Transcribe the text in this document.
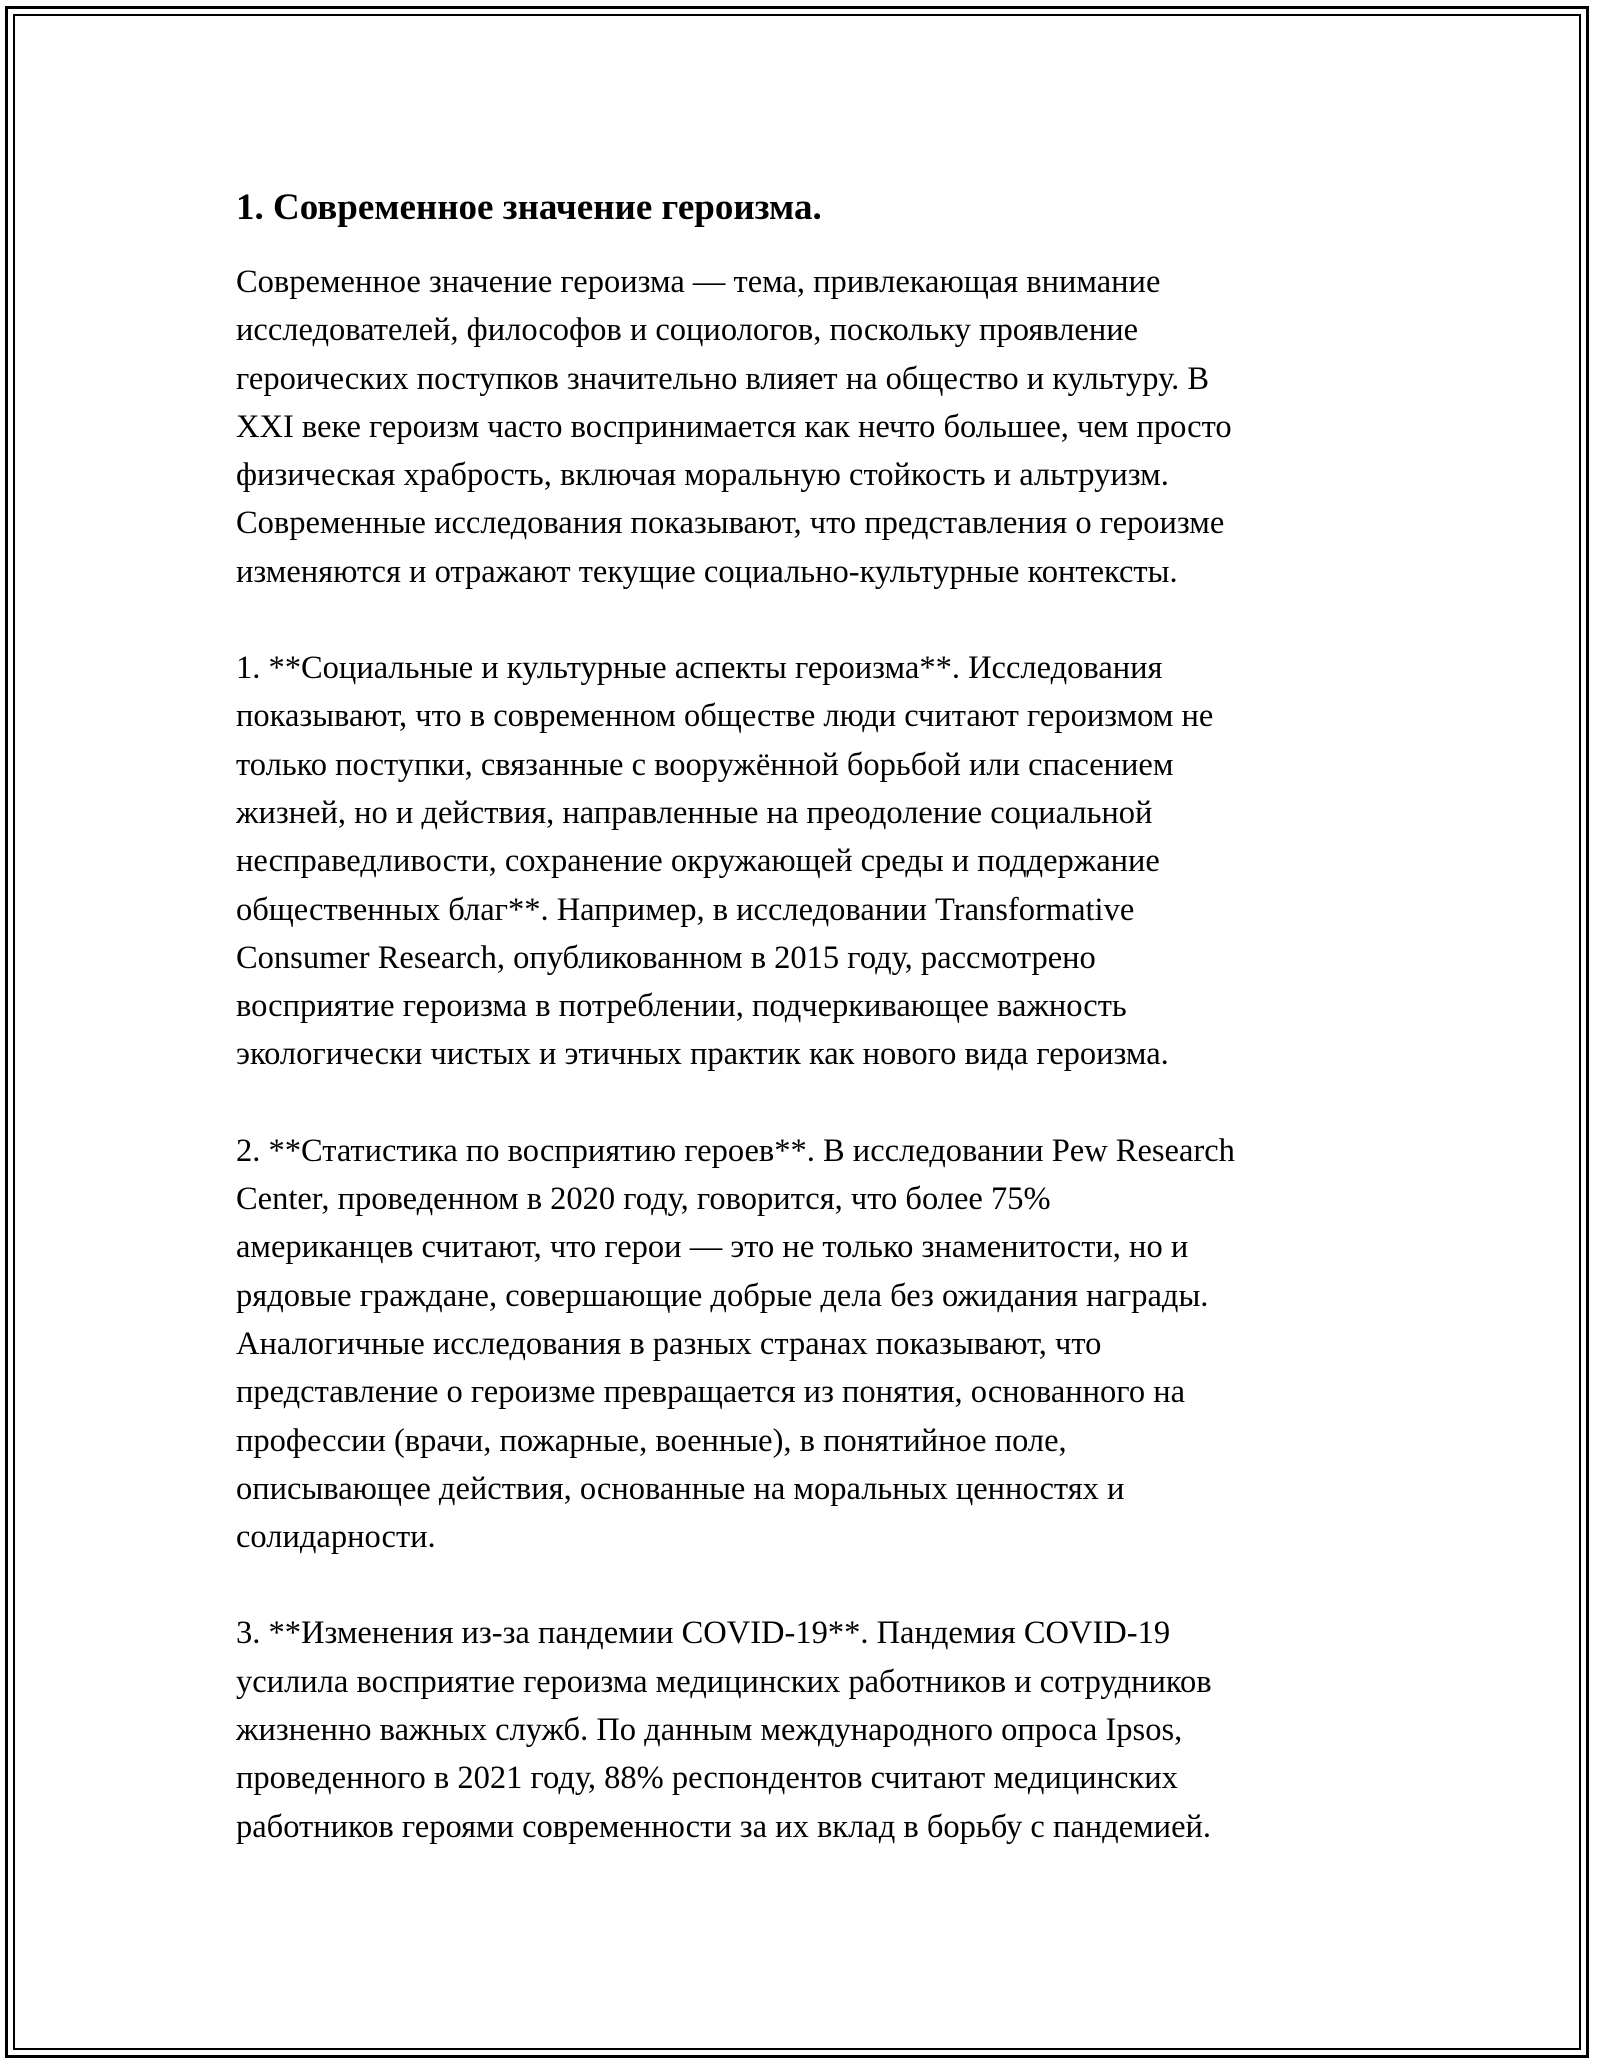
1. Современное значение героизма.
Современное значение героизма — тема, привлекающая внимание
исследователей, философов и социологов, поскольку проявление
героических поступков значительно влияет на общество и культуру. В
XXI веке героизм часто воспринимается как нечто большее, чем просто
физическая храбрость, включая моральную стойкость и альтруизм.
Современные исследования показывают, что представления о героизме
изменяются и отражают текущие социально-культурные контексты.
1. **Социальные и культурные аспекты героизма**. Исследования
показывают, что в современном обществе люди считают героизмом не
только поступки, связанные с вооружённой борьбой или спасением
жизней, но и действия, направленные на преодоление социальной
несправедливости, сохранение окружающей среды и поддержание
общественных благ**. Например, в исследовании Transformative
Consumer Research, опубликованном в 2015 году, рассмотрено
восприятие героизма в потреблении, подчеркивающее важность
экологически чистых и этичных практик как нового вида героизма.
2. **Статистика по восприятию героев**. В исследовании Pew Research
Center, проведенном в 2020 году, говорится, что более 75%
американцев считают, что герои — это не только знаменитости, но и
рядовые граждане, совершающие добрые дела без ожидания награды.
Аналогичные исследования в разных странах показывают, что
представление о героизме превращается из понятия, основанного на
профессии (врачи, пожарные, военные), в понятийное поле,
описывающее действия, основанные на моральных ценностях и
солидарности.
3. **Изменения из-за пандемии COVID-19**. Пандемия COVID-19
усилила восприятие героизма медицинских работников и сотрудников
жизненно важных служб. По данным международного опроса Ipsos,
проведенного в 2021 году, 88% респондентов считают медицинских
работников героями современности за их вклад в борьбу с пандемией.
